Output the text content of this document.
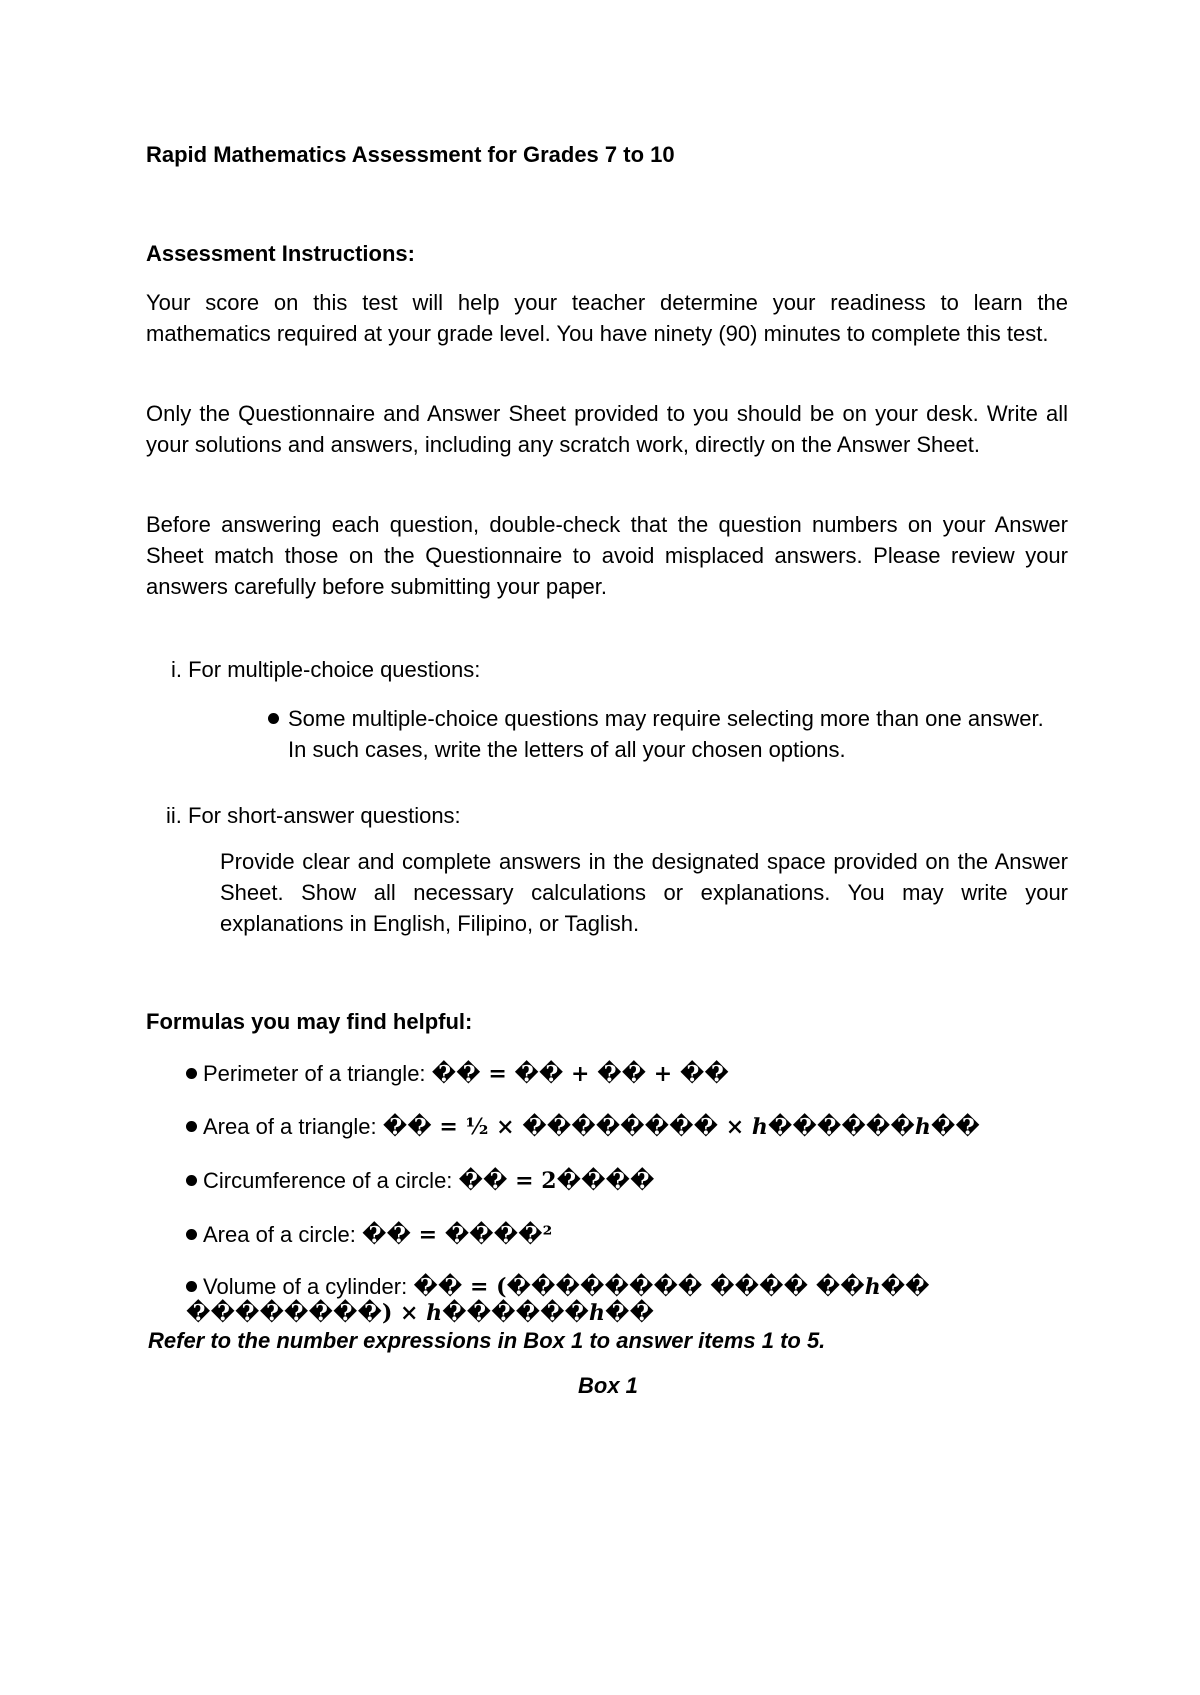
Rapid Mathematics Assessment for Grades 7 to 10

Assessment Instructions:

Your score on this test will help your teacher determine your readiness to learn the mathematics required at your grade level. You have ninety (90) minutes to complete this test.

Only the Questionnaire and Answer Sheet provided to you should be on your desk. Write all your solutions and answers, including any scratch work, directly on the Answer Sheet.

Before answering each question, double-check that the question numbers on your Answer Sheet match those on the Questionnaire to avoid misplaced answers. Please review your answers carefully before submitting your paper.

i. For multiple-choice questions:

Some multiple-choice questions may require selecting more than one answer. In such cases, write the letters of all your chosen options.

ii. For short-answer questions:

Provide clear and complete answers in the designated space provided on the Answer Sheet. Show all necessary calculations or explanations. You may write your explanations in English, Filipino, or Taglish.

Formulas you may find helpful:

Perimeter of a triangle: �� = �� + �� + ��
Area of a triangle: �� = ½ × �������� × ℎ������ℎ��
Circumference of a circle: �� = 2����
Area of a circle: �� = ����²
Volume of a cylinder: �� = (�������� ���� ��ℎ��
��������) × ℎ������ℎ��

Refer to the number expressions in Box 1 to answer items 1 to 5.

Box 1
